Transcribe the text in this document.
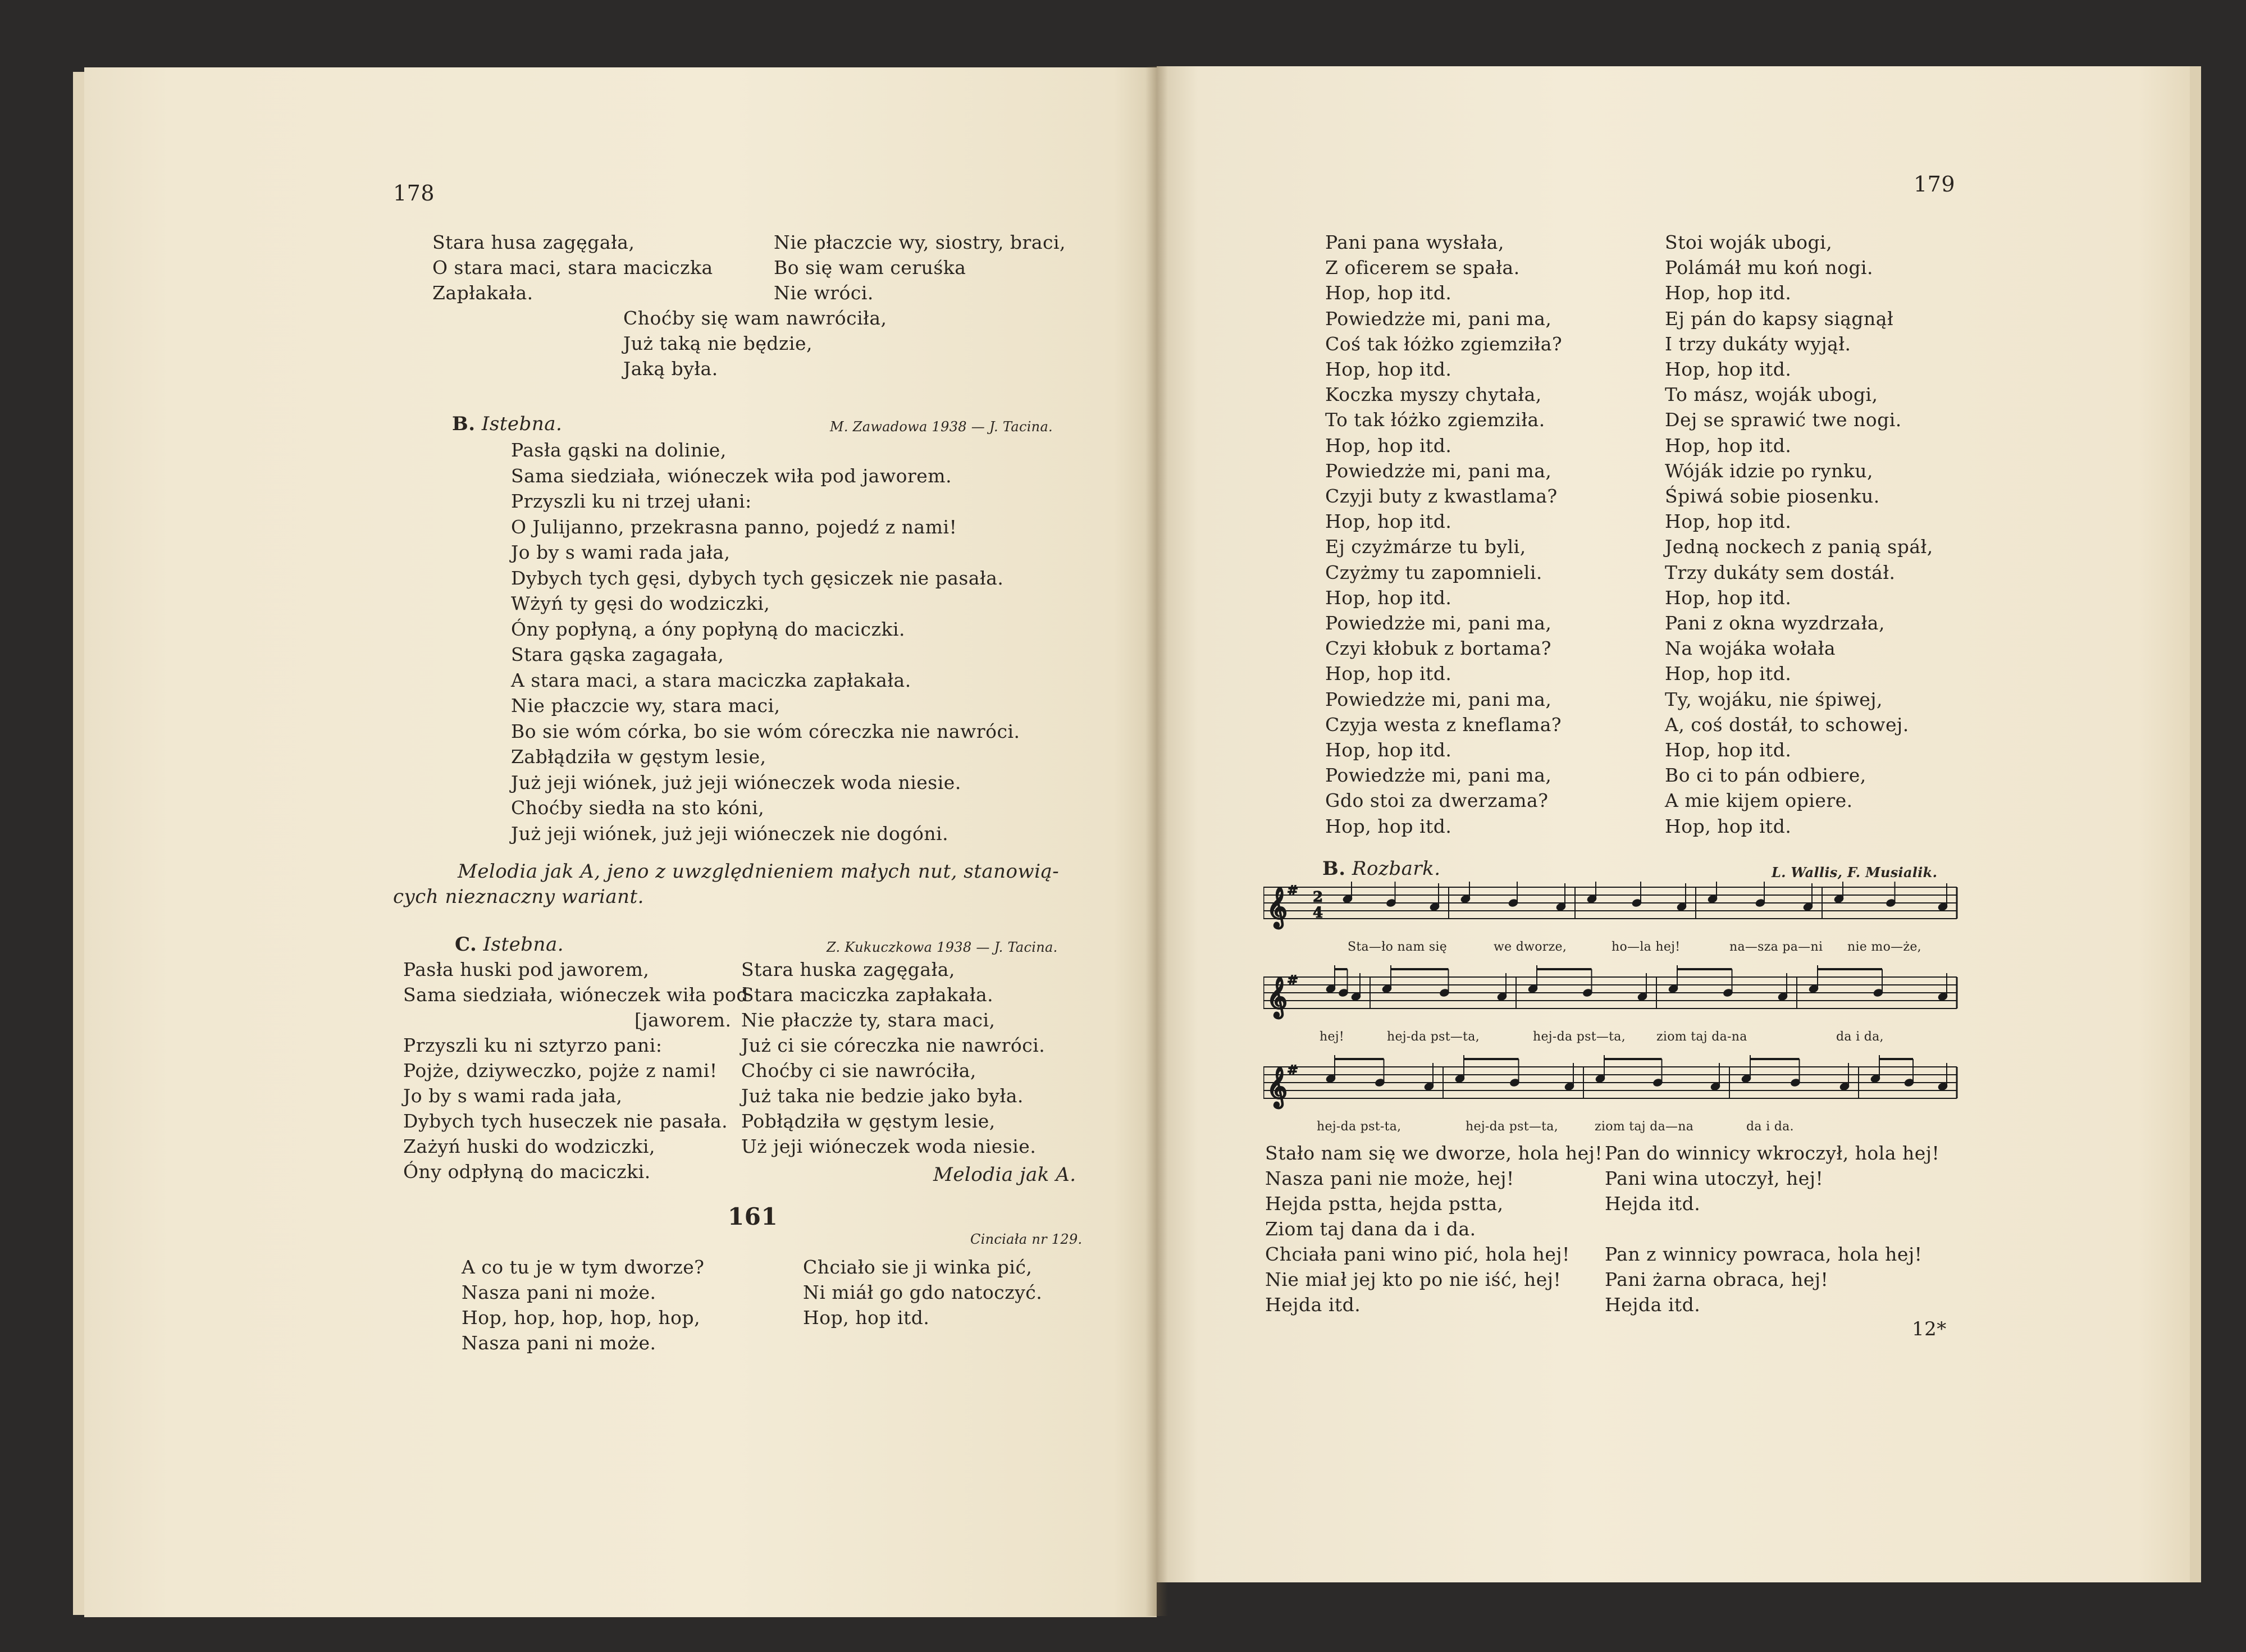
178
Stara husa zagęgała,
O stara maci, stara maciczka
Zapłakała.
Nie płaczcie wy, siostry, braci,
Bo się wam ceruśka
Nie wróci.
Choćby się wam nawróciła,
Już taką nie będzie,
Jaką była.
B. Istebna.	M. Zawadowa 1938 — J. Tacina.
Pasła gąski na dolinie,
Sama siedziała, wióneczek wiła pod jaworem.
Przyszli ku ni trzej ułani:
O Julijanno, przekrasna panno, pojedź z nami!
Jo by s wami rada jała,
Dybych tych gęsi, dybych tych gęsiczek nie pasała.
Wżyń ty gęsi do wodziczki,
Óny popłyną, a óny popłyną do maciczki.
Stara gąska zagagała,
A stara maci, a stara maciczka zapłakała.
Nie płaczcie wy, stara maci,
Bo sie wóm córka, bo sie wóm córeczka nie nawróci.
Zabłądziła w gęstym lesie,
Już jeji wiónek, już jeji wióneczek woda niesie.
Choćby siedła na sto kóni,
Już jeji wiónek, już jeji wióneczek nie dogóni.
Melodia jak A, jeno z uwzględnieniem małych nut, stanowią-
cych nieznaczny wariant.
C. Istebna.	Z. Kukuczkowa 1938 — J. Tacina.
Pasła huski pod jaworem,
Sama siedziała, wióneczek wiła pod
[jaworem.
Przyszli ku ni sztyrzo pani:
Pojże, dziyweczko, pojże z nami!
Jo by s wami rada jała,
Dybych tych huseczek nie pasała.
Zażyń huski do wodziczki,
Óny odpłyną do maciczki.
Stara huska zagęgała,
Stara maciczka zapłakała.
Nie płaczże ty, stara maci,
Już ci sie córeczka nie nawróci.
Choćby ci sie nawróciła,
Już taka nie bedzie jako była.
Pobłądziła w gęstym lesie,
Uż jeji wióneczek woda niesie.
Melodia jak A.
161
Cinciała nr 129.
A co tu je w tym dworze?
Nasza pani ni może.
Hop, hop, hop, hop, hop,
Nasza pani ni może.
Chciało sie ji winka pić,
Ni miáł go gdo natoczyć.
Hop, hop itd.
179
Pani pana wysłała,
Z oficerem se spała.
Hop, hop itd.
Powiedzże mi, pani ma,
Coś tak łóżko zgiemziła?
Hop, hop itd.
Koczka myszy chytała,
To tak łóżko zgiemziła.
Hop, hop itd.
Powiedzże mi, pani ma,
Czyji buty z kwastlama?
Hop, hop itd.
Ej czyżmárze tu byli,
Czyżmy tu zapomnieli.
Hop, hop itd.
Powiedzże mi, pani ma,
Czyi kłobuk z bortama?
Hop, hop itd.
Powiedzże mi, pani ma,
Czyja westa z kneflama?
Hop, hop itd.
Powiedzże mi, pani ma,
Gdo stoi za dwerzama?
Hop, hop itd.
Stoi woják ubogi,
Polámáł mu koń nogi.
Hop, hop itd.
Ej pán do kapsy siągnął
I trzy dukáty wyjął.
Hop, hop itd.
To mász, woják ubogi,
Dej se sprawić twe nogi.
Hop, hop itd.
Wóják idzie po rynku,
Śpiwá sobie piosenku.
Hop, hop itd.
Jedną nockech z panią spáł,
Trzy dukáty sem dostáł.
Hop, hop itd.
Pani z okna wyzdrzała,
Na wojáka wołała
Hop, hop itd.
Ty, wojáku, nie śpiwej,
A, coś dostáł, to schowej.
Hop, hop itd.
Bo ci to pán odbiere,
A mie kijem opiere.
Hop, hop itd.
B. Rozbark.	L. Wallis, F. Musialik.
𝄞 #
𝄞 #
𝄞 #
2
4
Sta—ło nam się	we dworze,	ho—la hej!	na—sza pa—ni nie mo—że,
hej!	hej-da pst—ta,	hej-da pst—ta,	ziom taj da-na	da i da,
hej-da pst-ta,	hej-da pst—ta,	ziom taj da—na	da i da.
Stało nam się we dworze, hola hej!
Nasza pani nie może, hej!
Hejda pstta, hejda pstta,
Ziom taj dana da i da.
Chciała pani wino pić, hola hej!
Nie miał jej kto po nie iść, hej!
Hejda itd.
Pan do winnicy wkroczył, hola hej!
Pani wina utoczył, hej!
Hejda itd.
Pan z winnicy powraca, hola hej!
Pani żarna obraca, hej!
Hejda itd.
12*
